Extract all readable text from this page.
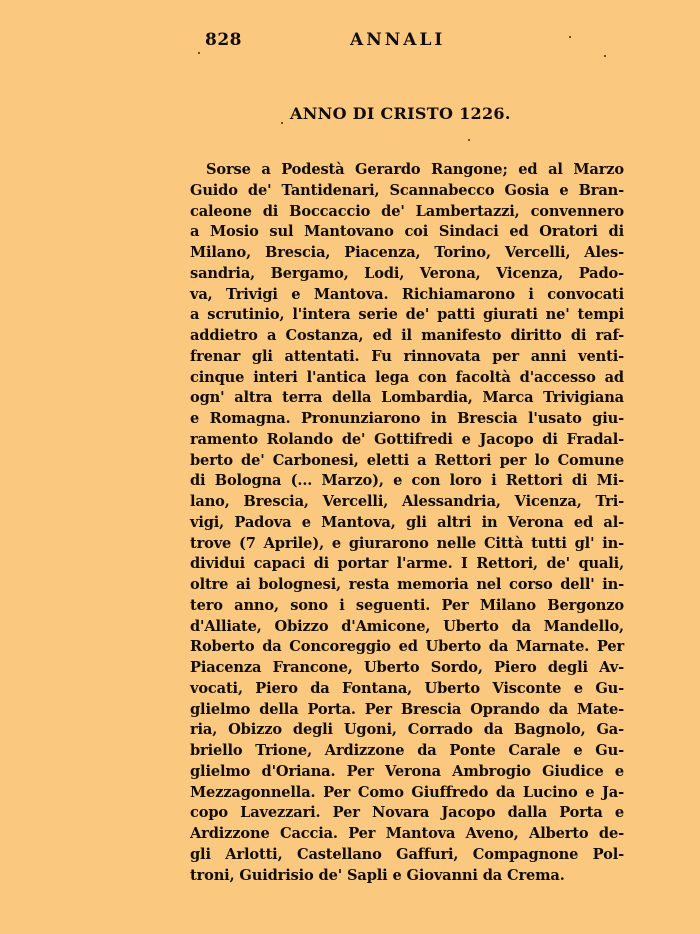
828	ANNALI
ANNO DI CRISTO 1226.
Sorse a Podestà Gerardo Rangone; ed al Marzo
Guido de' Tantidenari, Scannabecco Gosia e Bran-
caleone di Boccaccio de' Lambertazzi, convennero
a Mosio sul Mantovano coi Sindaci ed Oratori di
Milano, Brescia, Piacenza, Torino, Vercelli, Ales-
sandria, Bergamo, Lodi, Verona, Vicenza, Pado-
va, Trivigi e Mantova. Richiamarono i convocati
a scrutinio, l'intera serie de' patti giurati ne' tempi
addietro a Costanza, ed il manifesto diritto di raf-
frenar gli attentati. Fu rinnovata per anni venti-
cinque interi l'antica lega con facoltà d'accesso ad
ogn' altra terra della Lombardia, Marca Trivigiana
e Romagna. Pronunziarono in Brescia l'usato giu-
ramento Rolando de' Gottifredi e Jacopo di Fradal-
berto de' Carbonesi, eletti a Rettori per lo Comune
di Bologna (... Marzo), e con loro i Rettori di Mi-
lano, Brescia, Vercelli, Alessandria, Vicenza, Tri-
vigi, Padova e Mantova, gli altri in Verona ed al-
trove (7 Aprile), e giurarono nelle Città tutti gl' in-
dividui capaci di portar l'arme. I Rettori, de' quali,
oltre ai bolognesi, resta memoria nel corso dell' in-
tero anno, sono i seguenti. Per Milano Bergonzo
d'Alliate, Obizzo d'Amicone, Uberto da Mandello,
Roberto da Concoreggio ed Uberto da Marnate. Per
Piacenza Francone, Uberto Sordo, Piero degli Av-
vocati, Piero da Fontana, Uberto Visconte e Gu-
glielmo della Porta. Per Brescia Oprando da Mate-
ria, Obizzo degli Ugoni, Corrado da Bagnolo, Ga-
briello Trione, Ardizzone da Ponte Carale e Gu-
glielmo d'Oriana. Per Verona Ambrogio Giudice e
Mezzagonnella. Per Como Giuffredo da Lucino e Ja-
copo Lavezzari. Per Novara Jacopo dalla Porta e
Ardizzone Caccia. Per Mantova Aveno, Alberto de-
gli Arlotti, Castellano Gaffuri, Compagnone Pol-
troni, Guidrisio de' Sapli e Giovanni da Crema.
